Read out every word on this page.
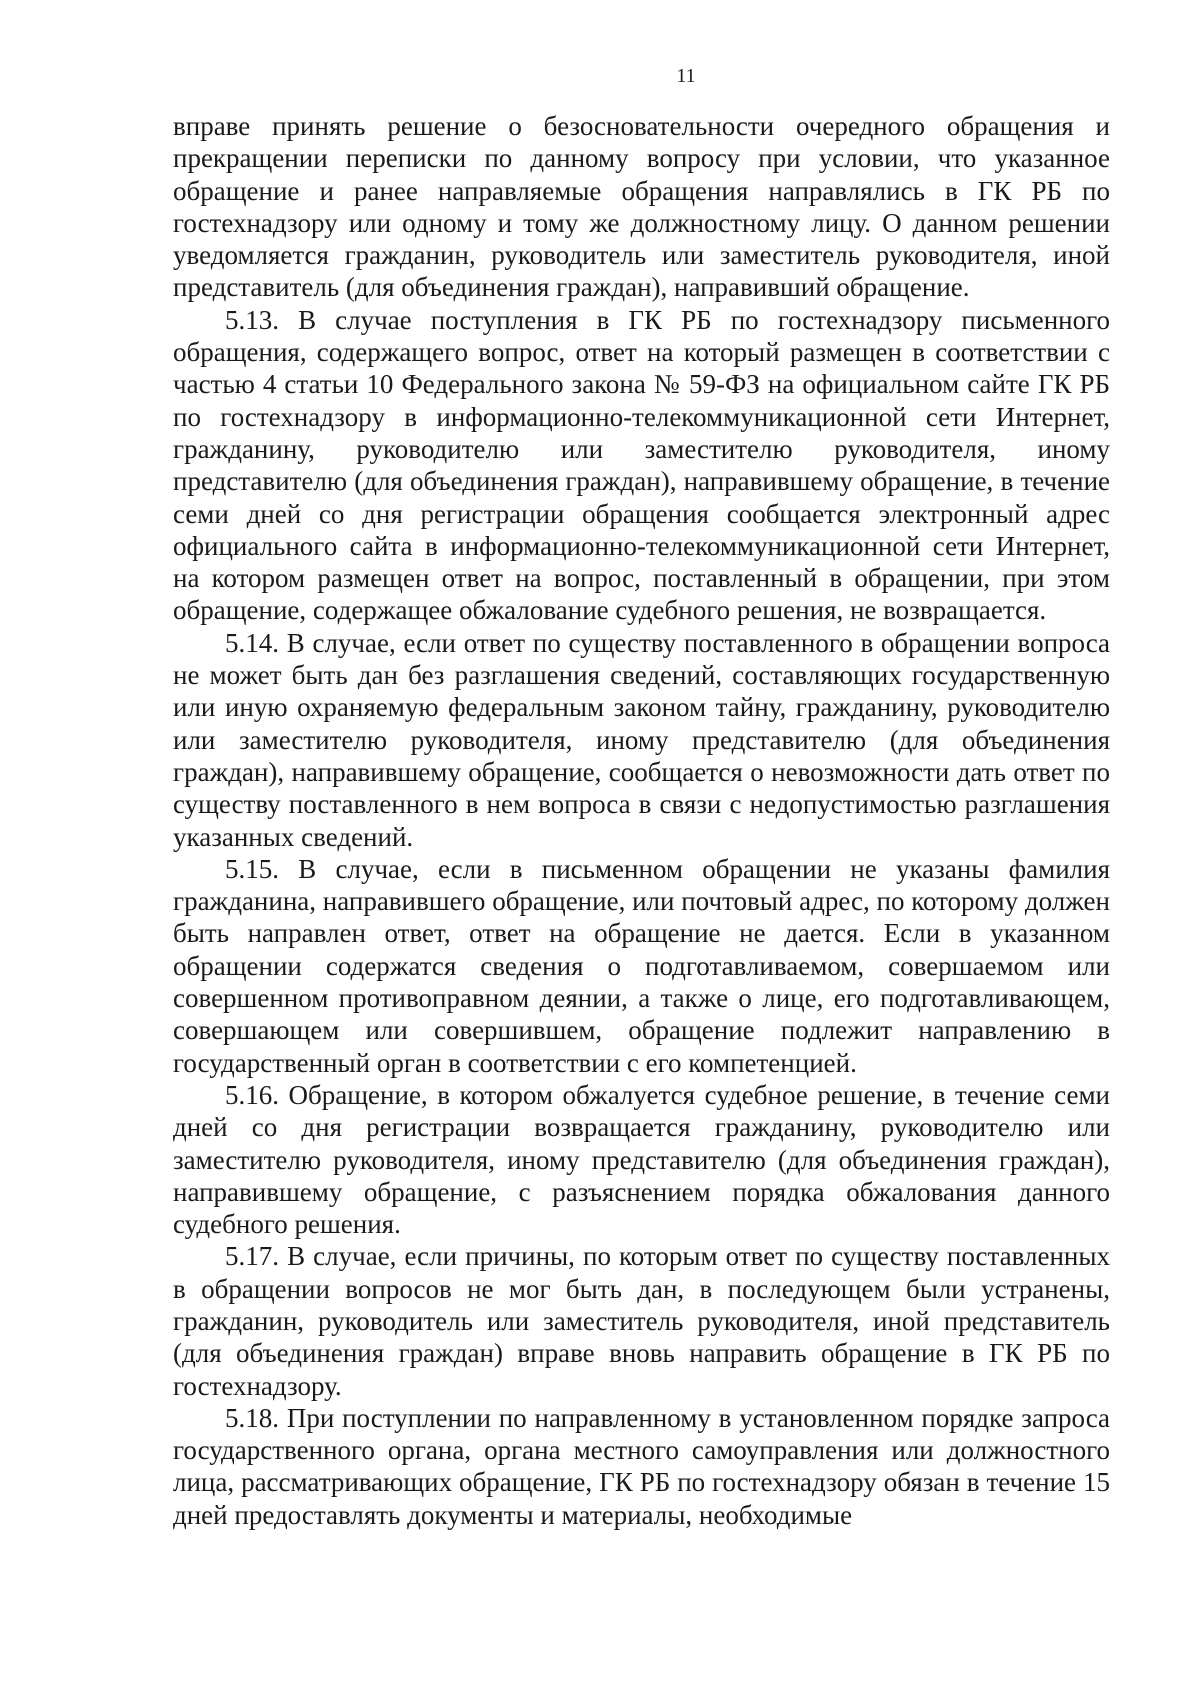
11

вправе принять решение о безосновательности очередного обращения и прекращении переписки по данному вопросу при условии, что указанное обращение и ранее направляемые обращения направлялись в ГК РБ по гостехнадзору или одному и тому же должностному лицу. О данном решении уведомляется гражданин, руководитель или заместитель руководителя, иной представитель (для объединения граждан), направивший обращение.

5.13. В случае поступления в ГК РБ по гостехнадзору письменного обращения, содержащего вопрос, ответ на который размещен в соответствии с частью 4 статьи 10 Федерального закона № 59-ФЗ на официальном сайте ГК РБ по гостехнадзору в информационно-телекоммуникационной сети Интернет, гражданину, руководителю или заместителю руководителя, иному представителю (для объединения граждан), направившему обращение, в течение семи дней со дня регистрации обращения сообщается электронный адрес официального сайта в информационно-телекоммуникационной сети Интернет, на котором размещен ответ на вопрос, поставленный в обращении, при этом обращение, содержащее обжалование судебного решения, не возвращается.

5.14. В случае, если ответ по существу поставленного в обращении вопроса не может быть дан без разглашения сведений, составляющих государственную или иную охраняемую федеральным законом тайну, гражданину, руководителю или заместителю руководителя, иному представителю (для объединения граждан), направившему обращение, сообщается о невозможности дать ответ по существу поставленного в нем вопроса в связи с недопустимостью разглашения указанных сведений.

5.15. В случае, если в письменном обращении не указаны фамилия гражданина, направившего обращение, или почтовый адрес, по которому должен быть направлен ответ, ответ на обращение не дается. Если в указанном обращении содержатся сведения о подготавливаемом, совершаемом или совершенном противоправном деянии, а также о лице, его подготавливающем, совершающем или совершившем, обращение подлежит направлению в государственный орган в соответствии с его компетенцией.

5.16. Обращение, в котором обжалуется судебное решение, в течение семи дней со дня регистрации возвращается гражданину, руководителю или заместителю руководителя, иному представителю (для объединения граждан), направившему обращение, с разъяснением порядка обжалования данного судебного решения.

5.17. В случае, если причины, по которым ответ по существу поставленных в обращении вопросов не мог быть дан, в последующем были устранены, гражданин, руководитель или заместитель руководителя, иной представитель (для объединения граждан) вправе вновь направить обращение в ГК РБ по гостехнадзору.

5.18. При поступлении по направленному в установленном порядке запроса государственного органа, органа местного самоуправления или должностного лица, рассматривающих обращение, ГК РБ по гостехнадзору обязан в течение 15 дней предоставлять документы и материалы, необходимые
